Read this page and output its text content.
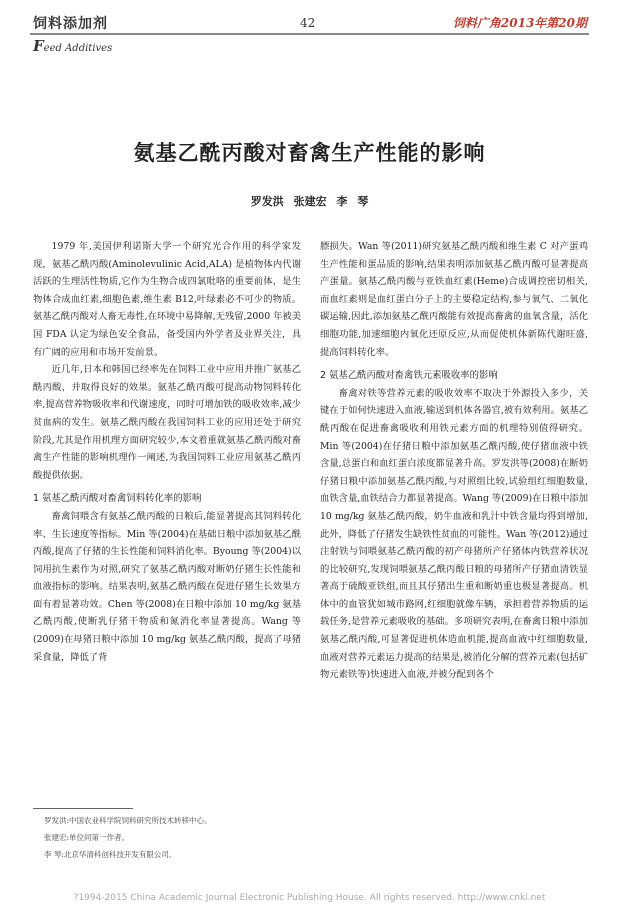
饲料添加剂
Feed Additives
42	饲料广角2013年第20期
氨基乙酰丙酸对畜禽生产性能的影响
罗发洪 张建宏 李 琴

1979 年,美国伊利诺斯大学一个研究光合作用的科学家发现，氨基乙酰丙酸(Aminolevulinic Acid,ALA) 是植物体内代谢活跃的生理活性物质,它作为生物合成四氯吡咯的重要前体，是生物体合成血红素,细胞色素,维生素 B12,叶绿素必不可少的物质。氨基乙酰丙酸对人畜无毒性,在环境中易降解,无残留,2000 年被美国 FDA 认定为绿色安全食品，备受国内外学者及业界关注，具有广阔的应用和市场开发前景。

近几年,日本和韩国已经率先在饲料工业中应用并推广氨基乙酰丙酸，并取得良好的效果。氨基乙酰丙酸可提高动物饲料转化率,提高营养物吸收率和代谢速度，同时可增加铁的吸收效率,减少贫血病的发生。氨基乙酰丙酸在我国饲料工业的应用还处于研究阶段,尤其是作用机理方面研究较少,本文着重就氨基乙酰丙酸对畜禽生产性能的影响机理作一阐述,为我国饲料工业应用氨基乙酰丙酸提供依据。

1 氨基乙酰丙酸对畜禽饲料转化率的影响

畜禽饲喂含有氨基乙酰丙酸的日粮后,能显著提高其饲料转化率、生长速度等指标。Min 等(2004)在基础日粮中添加氨基乙酰丙酸,提高了仔猪的生长性能和饲料消化率。Byoung 等(2004)以饲用抗生素作为对照,研究了氨基乙酰丙酸对断奶仔猪生长性能和血液指标的影响。结果表明,氨基乙酰丙酸在促进仔猪生长效果方面有着显著功效。Chen 等(2008)在日粮中添加 10 mg/kg 氨基乙酰丙酸,使断乳仔猪干物质和氮消化率显著提高。Wang 等(2009)在母猪日粮中添加 10 mg/kg 氨基乙酰丙酸，提高了母猪采食量，降低了背

膘损失。Wan 等(2011)研究氨基乙酰丙酸和维生素 C 对产蛋鸡生产性能和蛋品质的影响,结果表明添加氨基乙酰丙酸可显著提高产蛋量。氨基乙酰丙酸与亚铁血红素(Heme)合成调控密切相关,而血红素则是血红蛋白分子上的主要稳定结构,参与氧气、二氧化碳运输,因此,添加氨基乙酰丙酸能有效提高畜禽的血氧含量，活化细胞功能,加速细胞内氧化还原反应,从而促使机体新陈代谢旺盛,提高饲料转化率。

2 氨基乙酰丙酸对畜禽铁元素吸收率的影响

畜禽对铁等营养元素的吸收效率不取决于外源投入多少，关键在于如何快速进入血液,输送到机体各器官,被有效利用。氨基乙酰丙酸在促进畜禽吸收利用铁元素方面的机理特别值得研究。Min 等(2004)在仔猪日粮中添加氨基乙酰丙酸,使仔猪血液中铁含量,总蛋白和血红蛋白浓度都显著升高。罗发洪等(2008)在断奶仔猪日粮中添加氨基乙酰丙酸,与对照组比较,试验组红细胞数量,血铁含量,血铁结合力都显著提高。Wang 等(2009)在日粮中添加 10 mg/kg 氨基乙酰丙酸，奶牛血液和乳汁中铁含量均得到增加,此外，降低了仔猪发生缺铁性贫血的可能性。Wan 等(2012)通过注射铁与饲喂氨基乙酰丙酸的初产母猪所产仔猪体内铁营养状况的比较研究,发现饲喂氨基乙酰丙酸日粮的母猪所产仔猪血清铁显著高于硫酸亚铁组,而且其仔猪出生重和断奶重也极显著提高。机体中的血管犹如城市路网,红细胞就像车辆，承担着营养物质的运载任务,是营养元素吸收的基础。多项研究表明,在畜禽日粮中添加氨基乙酰丙酸,可显著促进机体造血机能,提高血液中红细胞数量,血液对营养元素运力提高的结果是,被消化分解的营养元素(包括矿物元素铁等)快速进入血液,并被分配到各个

罗发洪:中国农业科学院饲料研究所技术转移中心。
张建宏:单位同第一作者。
李 琴:北京华清科创科技开发有限公司。
?1994-2015 China Academic Journal Electronic Publishing House. All rights reserved. http://www.cnki.net
